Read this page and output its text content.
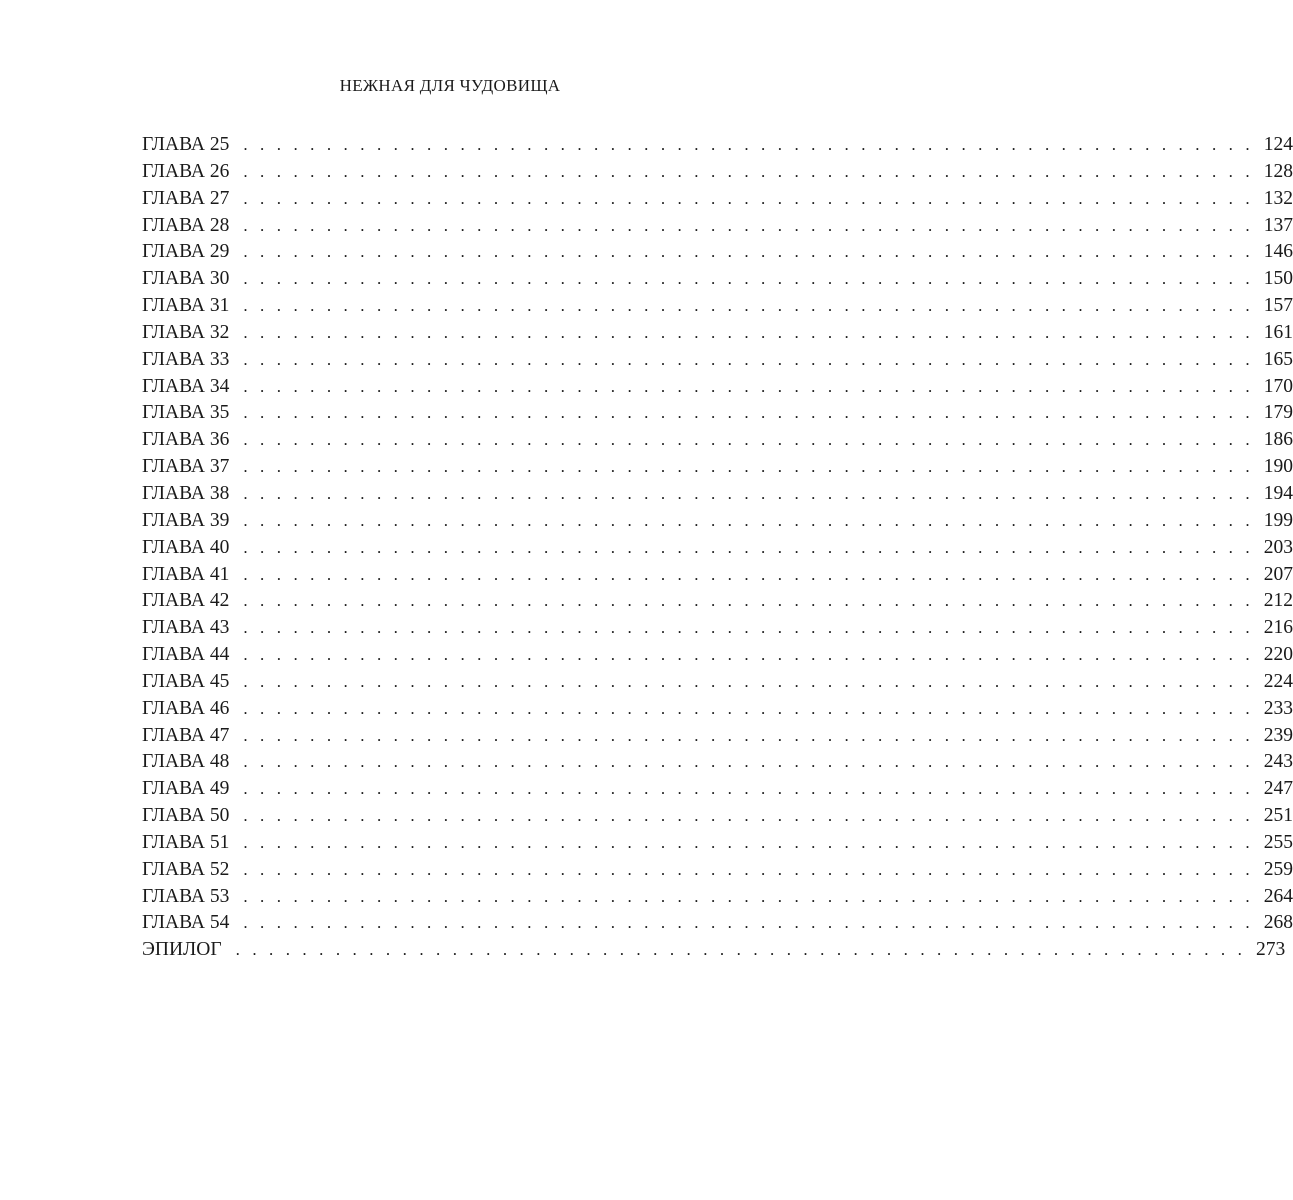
НЕЖНАЯ ДЛЯ ЧУДОВИЩА
ГЛАВА 25 . . . . . . . . . . . . . . . . . . . . . . . . . . . . . . . . . . . . . . . . . . . . . . . . . . . . . . . . . . . . . 124
ГЛАВА 26 . . . . . . . . . . . . . . . . . . . . . . . . . . . . . . . . . . . . . . . . . . . . . . . . . . . . . . . . . . . . . 128
ГЛАВА 27 . . . . . . . . . . . . . . . . . . . . . . . . . . . . . . . . . . . . . . . . . . . . . . . . . . . . . . . . . . . . . 132
ГЛАВА 28 . . . . . . . . . . . . . . . . . . . . . . . . . . . . . . . . . . . . . . . . . . . . . . . . . . . . . . . . . . . . . 137
ГЛАВА 29 . . . . . . . . . . . . . . . . . . . . . . . . . . . . . . . . . . . . . . . . . . . . . . . . . . . . . . . . . . . . . 146
ГЛАВА 30 . . . . . . . . . . . . . . . . . . . . . . . . . . . . . . . . . . . . . . . . . . . . . . . . . . . . . . . . . . . . . 150
ГЛАВА 31 . . . . . . . . . . . . . . . . . . . . . . . . . . . . . . . . . . . . . . . . . . . . . . . . . . . . . . . . . . . . . 157
ГЛАВА 32 . . . . . . . . . . . . . . . . . . . . . . . . . . . . . . . . . . . . . . . . . . . . . . . . . . . . . . . . . . . . . 161
ГЛАВА 33 . . . . . . . . . . . . . . . . . . . . . . . . . . . . . . . . . . . . . . . . . . . . . . . . . . . . . . . . . . . . . 165
ГЛАВА 34 . . . . . . . . . . . . . . . . . . . . . . . . . . . . . . . . . . . . . . . . . . . . . . . . . . . . . . . . . . . . . 170
ГЛАВА 35 . . . . . . . . . . . . . . . . . . . . . . . . . . . . . . . . . . . . . . . . . . . . . . . . . . . . . . . . . . . . . 179
ГЛАВА 36 . . . . . . . . . . . . . . . . . . . . . . . . . . . . . . . . . . . . . . . . . . . . . . . . . . . . . . . . . . . . . 186
ГЛАВА 37 . . . . . . . . . . . . . . . . . . . . . . . . . . . . . . . . . . . . . . . . . . . . . . . . . . . . . . . . . . . . . 190
ГЛАВА 38 . . . . . . . . . . . . . . . . . . . . . . . . . . . . . . . . . . . . . . . . . . . . . . . . . . . . . . . . . . . . . 194
ГЛАВА 39 . . . . . . . . . . . . . . . . . . . . . . . . . . . . . . . . . . . . . . . . . . . . . . . . . . . . . . . . . . . . . 199
ГЛАВА 40 . . . . . . . . . . . . . . . . . . . . . . . . . . . . . . . . . . . . . . . . . . . . . . . . . . . . . . . . . . . . . 203
ГЛАВА 41 . . . . . . . . . . . . . . . . . . . . . . . . . . . . . . . . . . . . . . . . . . . . . . . . . . . . . . . . . . . . . 207
ГЛАВА 42 . . . . . . . . . . . . . . . . . . . . . . . . . . . . . . . . . . . . . . . . . . . . . . . . . . . . . . . . . . . . . 212
ГЛАВА 43 . . . . . . . . . . . . . . . . . . . . . . . . . . . . . . . . . . . . . . . . . . . . . . . . . . . . . . . . . . . . . 216
ГЛАВА 44 . . . . . . . . . . . . . . . . . . . . . . . . . . . . . . . . . . . . . . . . . . . . . . . . . . . . . . . . . . . . . 220
ГЛАВА 45 . . . . . . . . . . . . . . . . . . . . . . . . . . . . . . . . . . . . . . . . . . . . . . . . . . . . . . . . . . . . . 224
ГЛАВА 46 . . . . . . . . . . . . . . . . . . . . . . . . . . . . . . . . . . . . . . . . . . . . . . . . . . . . . . . . . . . . . 233
ГЛАВА 47 . . . . . . . . . . . . . . . . . . . . . . . . . . . . . . . . . . . . . . . . . . . . . . . . . . . . . . . . . . . . . 239
ГЛАВА 48 . . . . . . . . . . . . . . . . . . . . . . . . . . . . . . . . . . . . . . . . . . . . . . . . . . . . . . . . . . . . . 243
ГЛАВА 49 . . . . . . . . . . . . . . . . . . . . . . . . . . . . . . . . . . . . . . . . . . . . . . . . . . . . . . . . . . . . . 247
ГЛАВА 50 . . . . . . . . . . . . . . . . . . . . . . . . . . . . . . . . . . . . . . . . . . . . . . . . . . . . . . . . . . . . . 251
ГЛАВА 51 . . . . . . . . . . . . . . . . . . . . . . . . . . . . . . . . . . . . . . . . . . . . . . . . . . . . . . . . . . . . . 255
ГЛАВА 52 . . . . . . . . . . . . . . . . . . . . . . . . . . . . . . . . . . . . . . . . . . . . . . . . . . . . . . . . . . . . . 259
ГЛАВА 53 . . . . . . . . . . . . . . . . . . . . . . . . . . . . . . . . . . . . . . . . . . . . . . . . . . . . . . . . . . . . . 264
ГЛАВА 54 . . . . . . . . . . . . . . . . . . . . . . . . . . . . . . . . . . . . . . . . . . . . . . . . . . . . . . . . . . . . . 268
ЭПИЛОГ . . . . . . . . . . . . . . . . . . . . . . . . . . . . . . . . . . . . . . . . . . . . . . . . . . . . . . . . . . . . . 273
